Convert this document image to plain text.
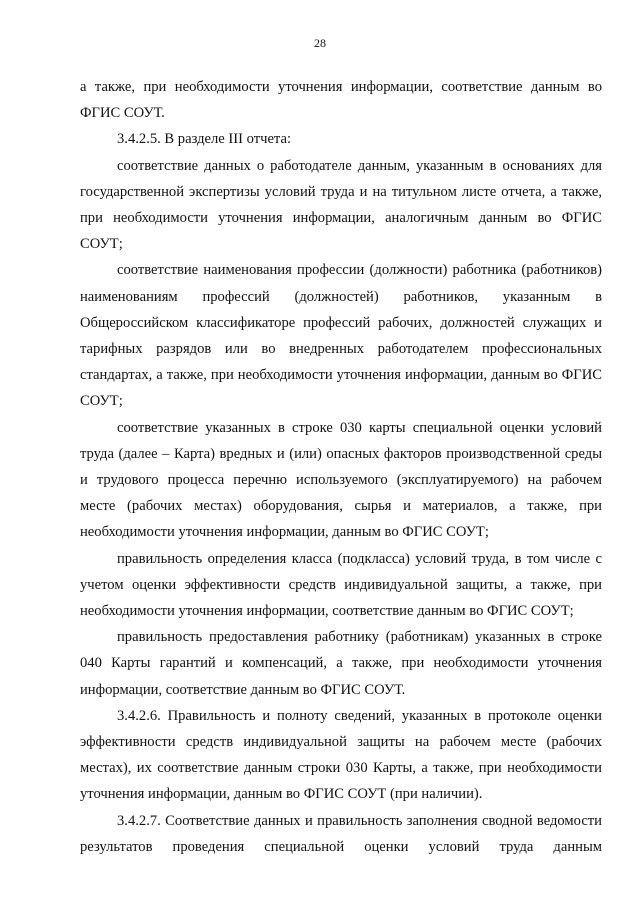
28

а также, при необходимости уточнения информации, соответствие данным во ФГИС СОУТ.

3.4.2.5. В разделе III отчета:

соответствие данных о работодателе данным, указанным в основаниях для государственной экспертизы условий труда и на титульном листе отчета, а также, при необходимости уточнения информации, аналогичным данным во ФГИС СОУТ;

соответствие наименования профессии (должности) работника (работников) наименованиям профессий (должностей) работников, указанным в Общероссийском классификаторе профессий рабочих, должностей служащих и тарифных разрядов или во внедренных работодателем профессиональных стандартах, а также, при необходимости уточнения информации, данным во ФГИС СОУТ;

соответствие указанных в строке 030 карты специальной оценки условий труда (далее – Карта) вредных и (или) опасных факторов производственной среды и трудового процесса перечню используемого (эксплуатируемого) на рабочем месте (рабочих местах) оборудования, сырья и материалов, а также, при необходимости уточнения информации, данным во ФГИС СОУТ;

правильность определения класса (подкласса) условий труда, в том числе с учетом оценки эффективности средств индивидуальной защиты, а также, при необходимости уточнения информации, соответствие данным во ФГИС СОУТ;

правильность предоставления работнику (работникам) указанных в строке 040 Карты гарантий и компенсаций, а также, при необходимости уточнения информации, соответствие данным во ФГИС СОУТ.

3.4.2.6. Правильность и полноту сведений, указанных в протоколе оценки эффективности средств индивидуальной защиты на рабочем месте (рабочих местах), их соответствие данным строки 030 Карты, а также, при необходимости уточнения информации, данным во ФГИС СОУТ (при наличии).

3.4.2.7. Соответствие данных и правильность заполнения сводной ведомости результатов проведения специальной оценки условий труда данным
